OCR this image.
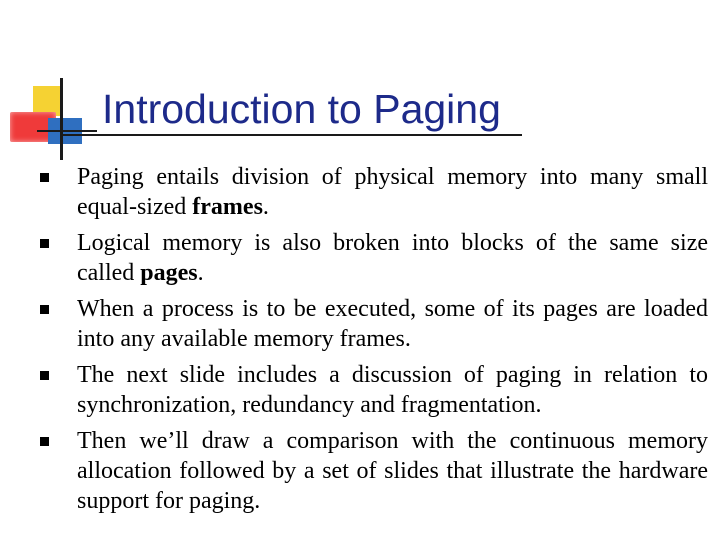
Introduction to Paging
Paging entails division of physical memory into many small equal-sized frames.
Logical memory is also broken into blocks of the same size called pages.
When a process is to be executed, some of its pages are loaded into any available memory frames.
The next slide includes a discussion of paging in relation to synchronization, redundancy and fragmentation.
Then we’ll draw a comparison with the continuous memory allocation followed by a set of slides that illustrate the hardware support for paging.
